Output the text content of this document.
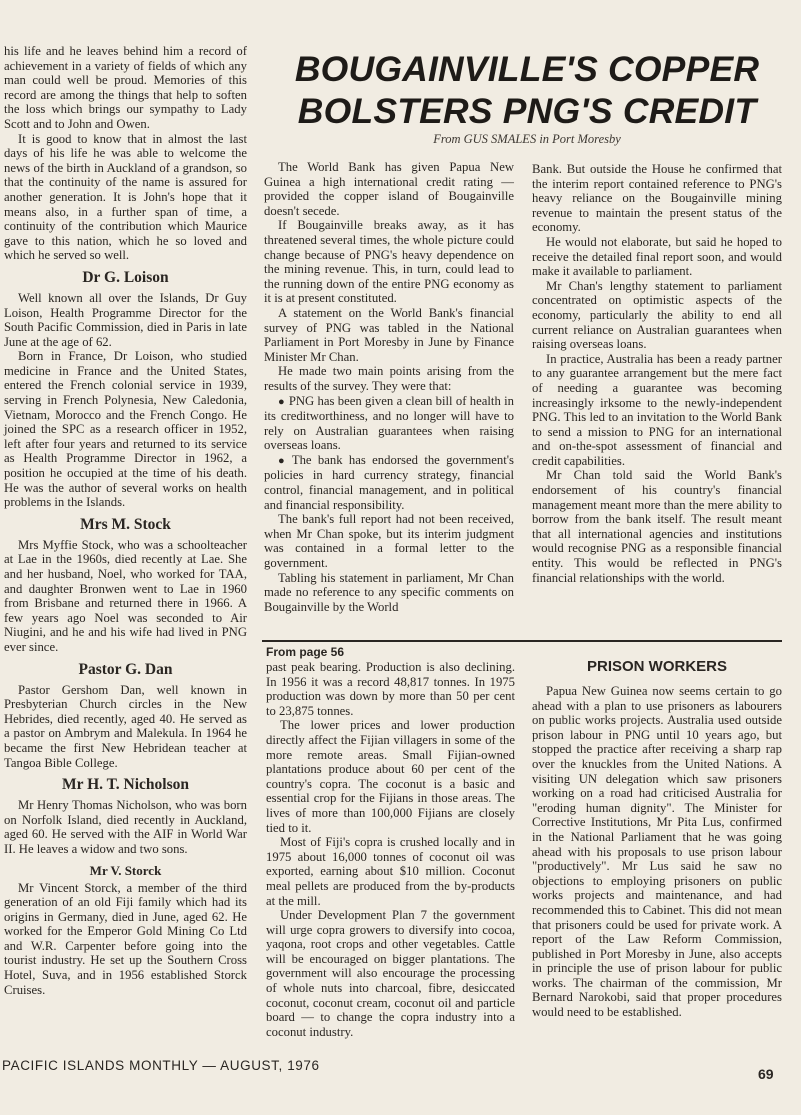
his life and he leaves behind him a record of achievement in a variety of fields of which any man could well be proud. Memories of this record are among the things that help to soften the loss which brings our sympathy to Lady Scott and to John and Owen.

It is good to know that in almost the last days of his life he was able to welcome the news of the birth in Auckland of a grandson, so that the continuity of the name is assured for another generation. It is John's hope that it means also, in a further span of time, a continuity of the contribution which Maurice gave to this nation, which he so loved and which he served so well.

Dr G. Loison

Well known all over the Islands, Dr Guy Loison, Health Programme Director for the South Pacific Commission, died in Paris in late June at the age of 62.

Born in France, Dr Loison, who studied medicine in France and the United States, entered the French colonial service in 1939, serving in French Polynesia, New Caledonia, Vietnam, Morocco and the French Congo. He joined the SPC as a research officer in 1952, left after four years and returned to its service as Health Programme Director in 1962, a position he occupied at the time of his death. He was the author of several works on health problems in the Islands.

Mrs M. Stock

Mrs Myffie Stock, who was a schoolteacher at Lae in the 1960s, died recently at Lae. She and her husband, Noel, who worked for TAA, and daughter Bronwen went to Lae in 1960 from Brisbane and returned there in 1966. A few years ago Noel was seconded to Air Niugini, and he and his wife had lived in PNG ever since.

Pastor G. Dan

Pastor Gershom Dan, well known in Presbyterian Church circles in the New Hebrides, died recently, aged 40. He served as a pastor on Ambrym and Malekula. In 1964 he became the first New Hebridean teacher at Tangoa Bible College.

Mr H. T. Nicholson

Mr Henry Thomas Nicholson, who was born on Norfolk Island, died recently in Auckland, aged 60. He served with the AIF in World War II. He leaves a widow and two sons.

Mr V. Storck

Mr Vincent Storck, a member of the third generation of an old Fiji family which had its origins in Germany, died in June, aged 62. He worked for the Emperor Gold Mining Co Ltd and W.R. Carpenter before going into the tourist industry. He set up the Southern Cross Hotel, Suva, and in 1956 established Storck Cruises.

BOUGAINVILLE'S COPPER
BOLSTERS PNG'S CREDIT
From GUS SMALES in Port Moresby

The World Bank has given Papua New Guinea a high international credit rating — provided the copper island of Bougainville doesn't secede.

If Bougainville breaks away, as it has threatened several times, the whole picture could change because of PNG's heavy dependence on the mining revenue. This, in turn, could lead to the running down of the entire PNG economy as it is at present constituted.

A statement on the World Bank's financial survey of PNG was tabled in the National Parliament in Port Moresby in June by Finance Minister Mr Chan.

He made two main points arising from the results of the survey. They were that:

● PNG has been given a clean bill of health in its creditworthiness, and no longer will have to rely on Australian guarantees when raising overseas loans.

● The bank has endorsed the government's policies in hard currency strategy, financial control, financial management, and in political and financial responsibility.

The bank's full report had not been received, when Mr Chan spoke, but its interim judgment was contained in a formal letter to the government.

Tabling his statement in parliament, Mr Chan made no reference to any specific comments on Bougainville by the World

Bank. But outside the House he confirmed that the interim report contained reference to PNG's heavy reliance on the Bougainville mining revenue to maintain the present status of the economy.

He would not elaborate, but said he hoped to receive the detailed final report soon, and would make it available to parliament.

Mr Chan's lengthy statement to parliament concentrated on optimistic aspects of the economy, particularly the ability to end all current reliance on Australian guarantees when raising overseas loans.

In practice, Australia has been a ready partner to any guarantee arrangement but the mere fact of needing a guarantee was becoming increasingly irksome to the newly-independent PNG. This led to an invitation to the World Bank to send a mission to PNG for an international and on-the-spot assessment of financial and credit capabilities.

Mr Chan told said the World Bank's endorsement of his country's financial management meant more than the mere ability to borrow from the bank itself. The result meant that all international agencies and institutions would recognise PNG as a responsible financial entity. This would be reflected in PNG's financial relationships with the world.

From page 56

past peak bearing. Production is also declining. In 1956 it was a record 48,817 tonnes. In 1975 production was down by more than 50 per cent to 23,875 tonnes.

The lower prices and lower production directly affect the Fijian villagers in some of the more remote areas. Small Fijian-owned plantations produce about 60 per cent of the country's copra. The coconut is a basic and essential crop for the Fijians in those areas. The lives of more than 100,000 Fijians are closely tied to it.

Most of Fiji's copra is crushed locally and in 1975 about 16,000 tonnes of coconut oil was exported, earning about $10 million. Coconut meal pellets are produced from the by-products at the mill.

Under Development Plan 7 the government will urge copra growers to diversify into cocoa, yaqona, root crops and other vegetables. Cattle will be encouraged on bigger plantations. The government will also encourage the processing of whole nuts into charcoal, fibre, desiccated coconut, coconut cream, coconut oil and particle board — to change the copra industry into a coconut industry.

PRISON WORKERS

Papua New Guinea now seems certain to go ahead with a plan to use prisoners as labourers on public works projects. Australia used outside prison labour in PNG until 10 years ago, but stopped the practice after receiving a sharp rap over the knuckles from the United Nations. A visiting UN delegation which saw prisoners working on a road had criticised Australia for "eroding human dignity". The Minister for Corrective Institutions, Mr Pita Lus, confirmed in the National Parliament that he was going ahead with his proposals to use prison labour "productively". Mr Lus said he saw no objections to employing prisoners on public works projects and maintenance, and had recommended this to Cabinet. This did not mean that prisoners could be used for private work. A report of the Law Reform Commission, published in Port Moresby in June, also accepts in principle the use of prison labour for public works. The chairman of the commission, Mr Bernard Narokobi, said that proper procedures would need to be established.

PACIFIC ISLANDS MONTHLY — AUGUST, 1976
69
